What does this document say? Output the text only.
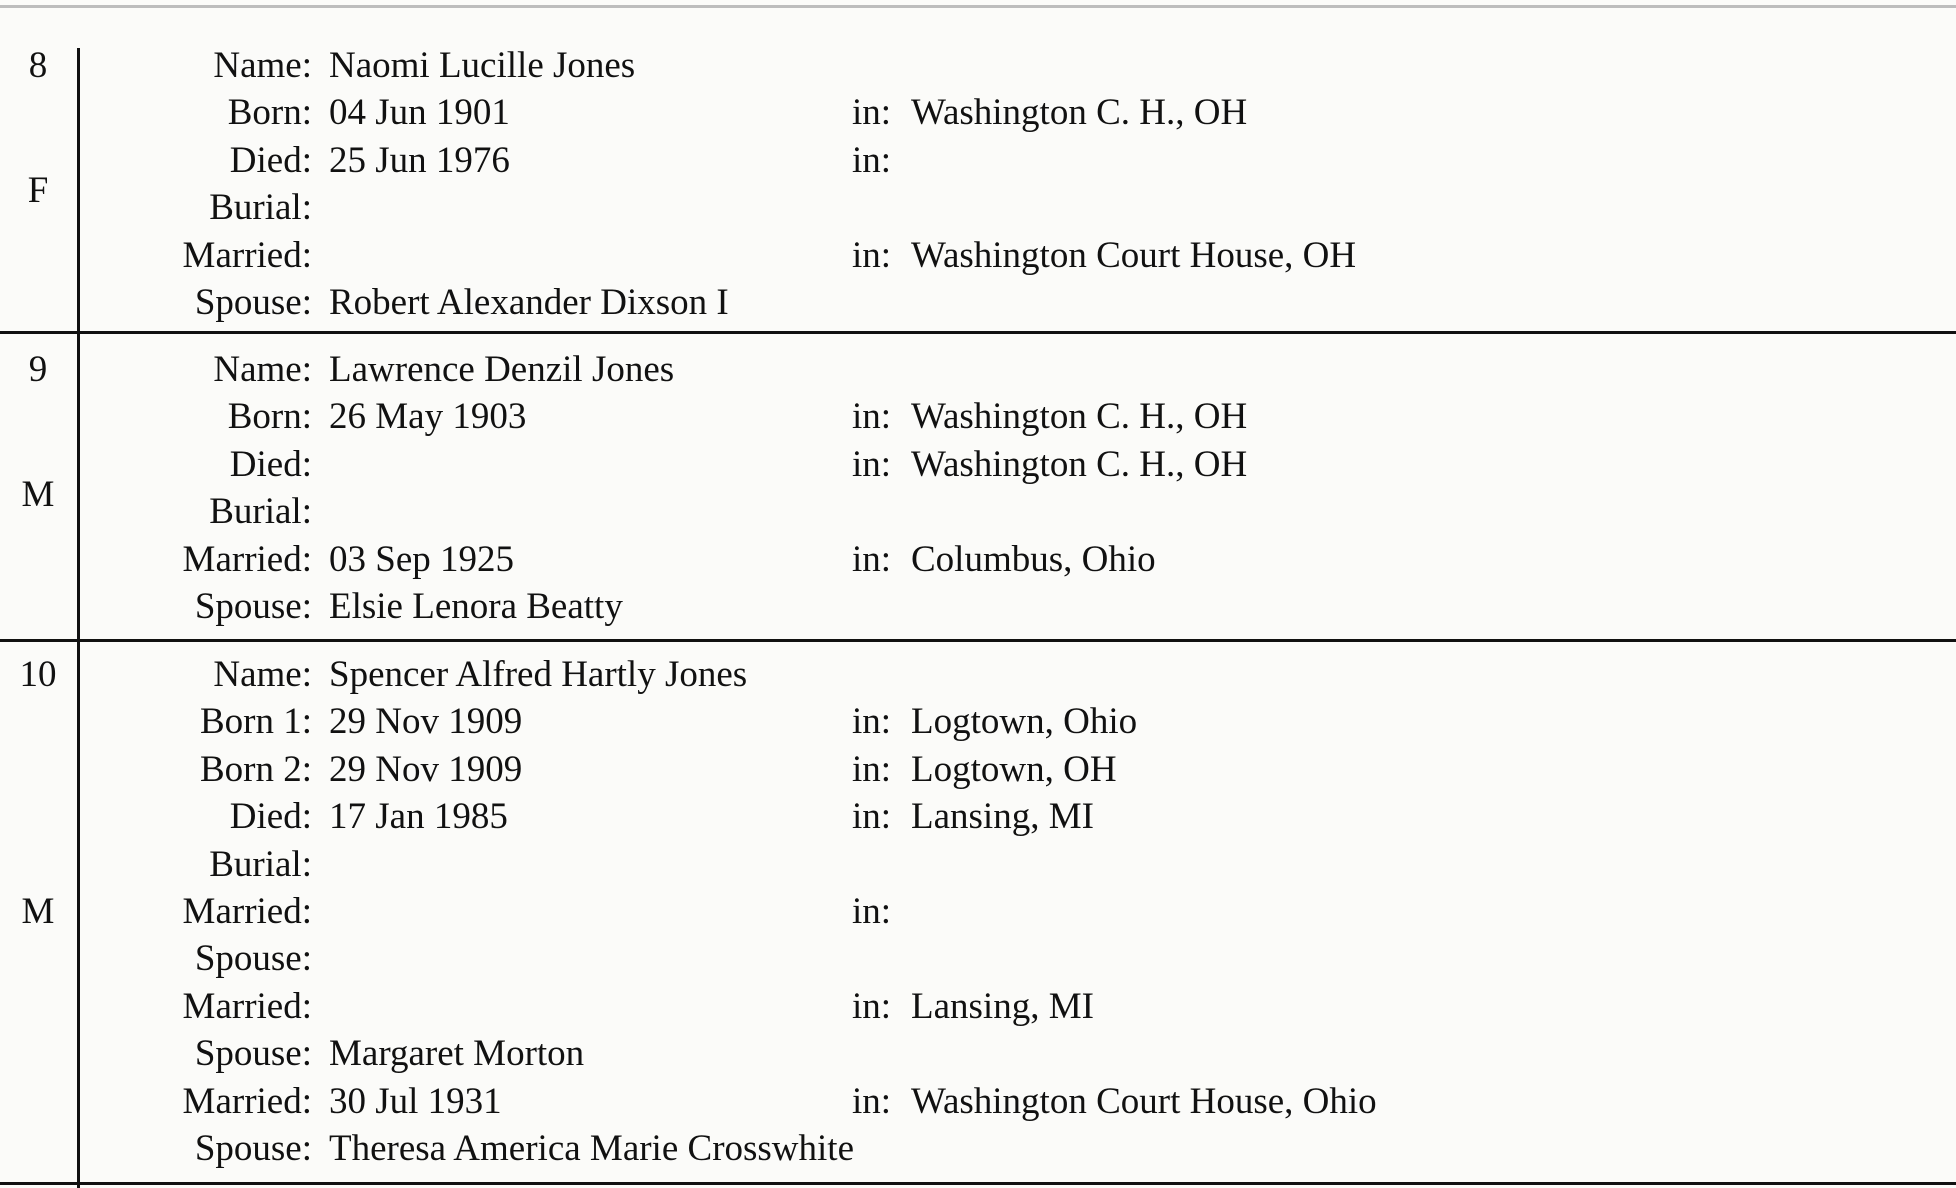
8
F
Name: Naomi Lucille Jones
Born: 04 Jun 1901	in: Washington C. H., OH
Died: 25 Jun 1976	in:
Burial:
Married:	in: Washington Court House, OH
Spouse: Robert Alexander Dixson I
9
M
Name: Lawrence Denzil Jones
Born: 26 May 1903	in: Washington C. H., OH
Died:	in: Washington C. H., OH
Burial:
Married: 03 Sep 1925	in: Columbus, Ohio
Spouse: Elsie Lenora Beatty
10
M
Name: Spencer Alfred Hartly Jones
Born 1: 29 Nov 1909	in: Logtown, Ohio
Born 2: 29 Nov 1909	in: Logtown, OH
Died: 17 Jan 1985	in: Lansing, MI
Burial:
Married:	in:
Spouse:
Married:	in: Lansing, MI
Spouse: Margaret Morton
Married: 30 Jul 1931	in: Washington Court House, Ohio
Spouse: Theresa America Marie Crosswhite
